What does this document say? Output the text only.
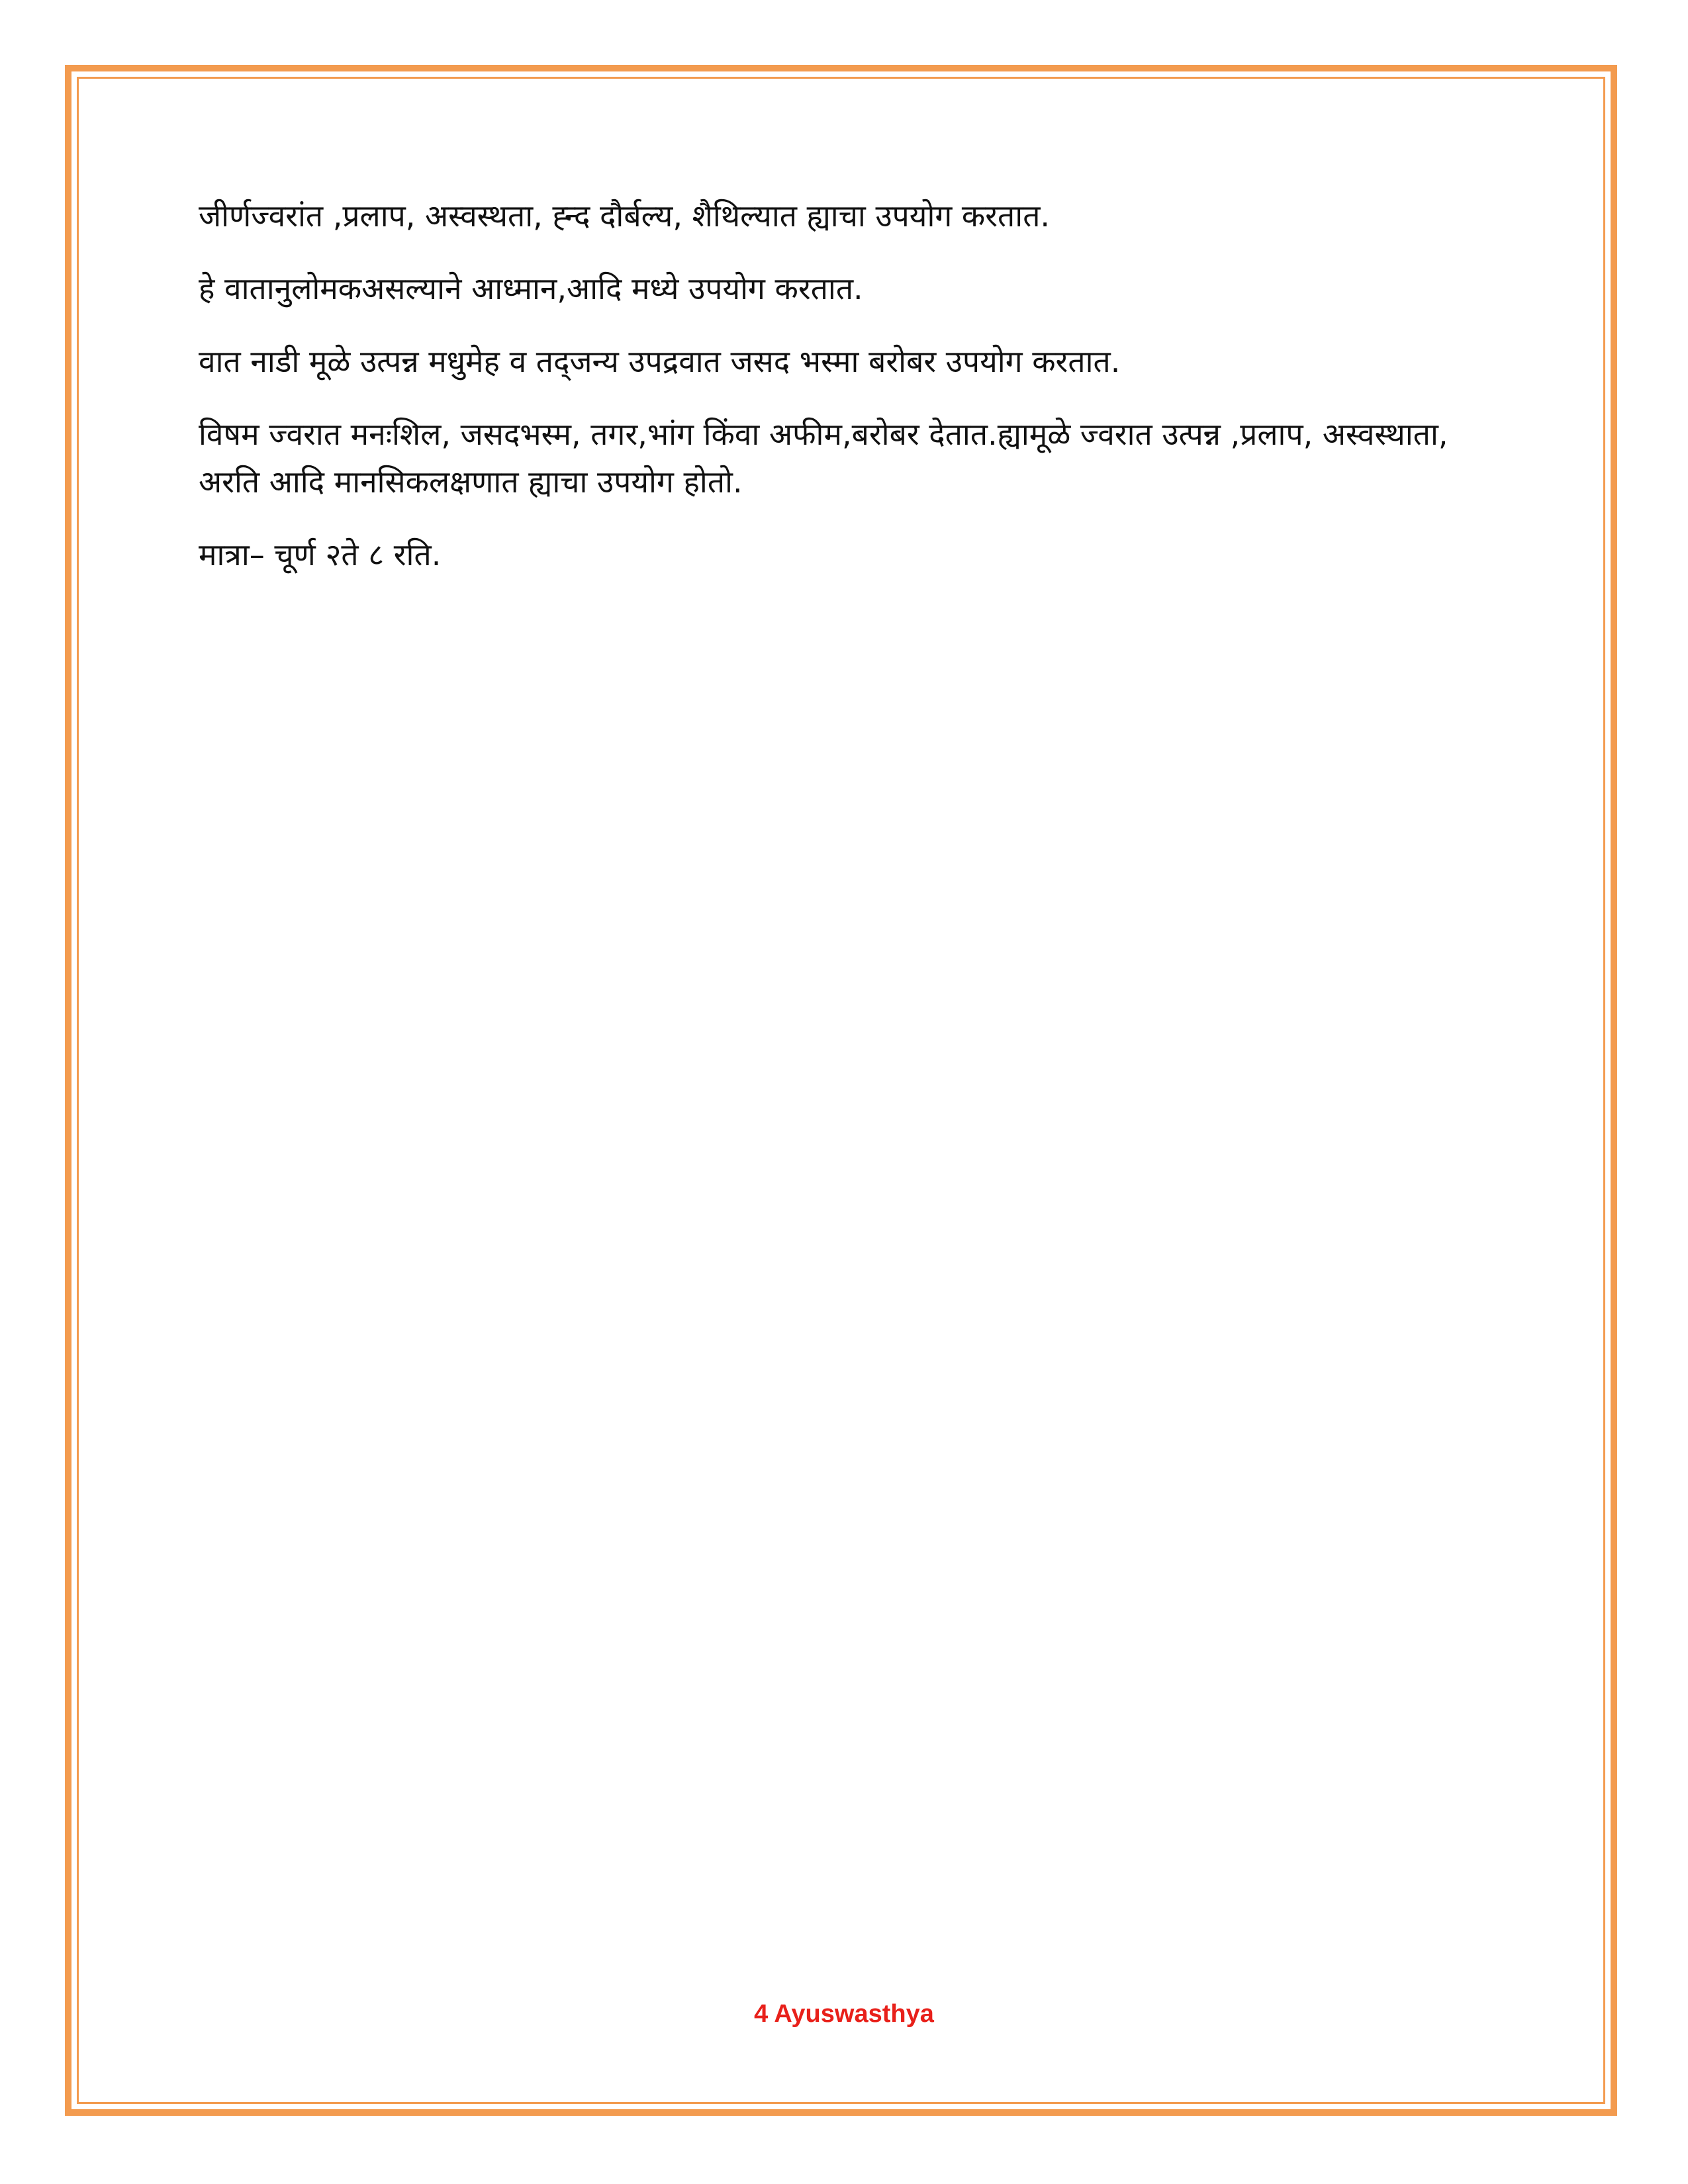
जीर्णज्वरांत ,प्रलाप, अस्वस्थता, ह्न्द दौर्बल्य, शैथिल्यात ह्याचा उपयोग करतात.

हे वातानुलोमकअसल्याने आध्मान,आदि मध्ये उपयोग करतात.

वात नाडी मूळे उत्पन्न मधुमेह व तद्जन्य उपद्रवात जसद भस्मा बरोबर उपयोग करतात.

विषम ज्वरात मनःशिल, जसदभस्म, तगर,भांग किंवा अफीम,बरोबर देतात.ह्यामूळे ज्वरात उत्पन्न ,प्रलाप, अस्वस्थाता, अरति आदि मानसिकलक्षणात ह्याचा उपयोग होतो.

मात्रा– चूर्ण २ते ८ रति.

4 Ayuswasthya
